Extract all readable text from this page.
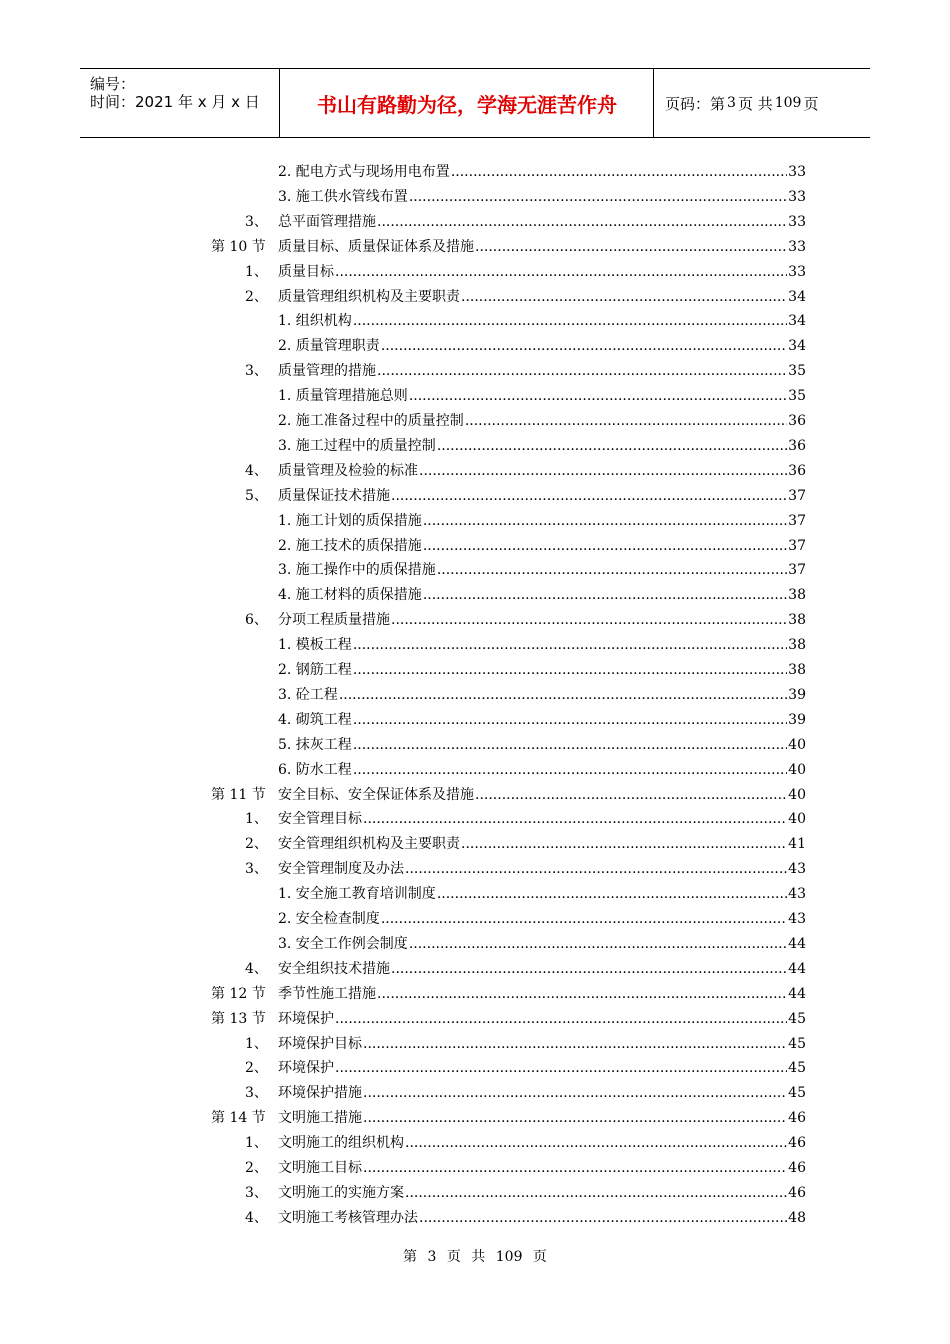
编号：
时间：2021 年 x 月 x 日	书山有路勤为径，学海无涯苦作舟	页码：第 3 页 共 109 页
2. 配电方式与现场用电布置 .....	33
3. 施工供水管线布置 .....	33
3、 总平面管理措施 .....	33
第 10 节 质量目标、质量保证体系及措施 .....	33
1、 质量目标 .....	33
2、 质量管理组织机构及主要职责 .....	34
1. 组织机构 .....	34
2. 质量管理职责 .....	34
3、 质量管理的措施 .....	35
1. 质量管理措施总则 .....	35
2. 施工准备过程中的质量控制 .....	36
3. 施工过程中的质量控制 .....	36
4、 质量管理及检验的标准 .....	36
5、 质量保证技术措施 .....	37
1. 施工计划的质保措施 .....	37
2. 施工技术的质保措施 .....	37
3. 施工操作中的质保措施 .....	37
4. 施工材料的质保措施 .....	38
6、 分项工程质量措施 .....	38
1. 模板工程 .....	38
2. 钢筋工程 .....	38
3. 砼工程 .....	39
4. 砌筑工程 .....	39
5. 抹灰工程 .....	40
6. 防水工程 .....	40
第 11 节 安全目标、安全保证体系及措施 .....	40
1、 安全管理目标 .....	40
2、 安全管理组织机构及主要职责 .....	41
3、 安全管理制度及办法 .....	43
1. 安全施工教育培训制度 .....	43
2. 安全检查制度 .....	43
3. 安全工作例会制度 .....	44
4、 安全组织技术措施 .....	44
第 12 节 季节性施工措施 .....	44
第 13 节 环境保护 .....	45
1、 环境保护目标 .....	45
2、 环境保护 .....	45
3、 环境保护措施 .....	45
第 14 节 文明施工措施 .....	46
1、 文明施工的组织机构 .....	46
2、 文明施工目标 .....	46
3、 文明施工的实施方案 .....	46
4、 文明施工考核管理办法 .....	48
第 3 页 共 109 页
